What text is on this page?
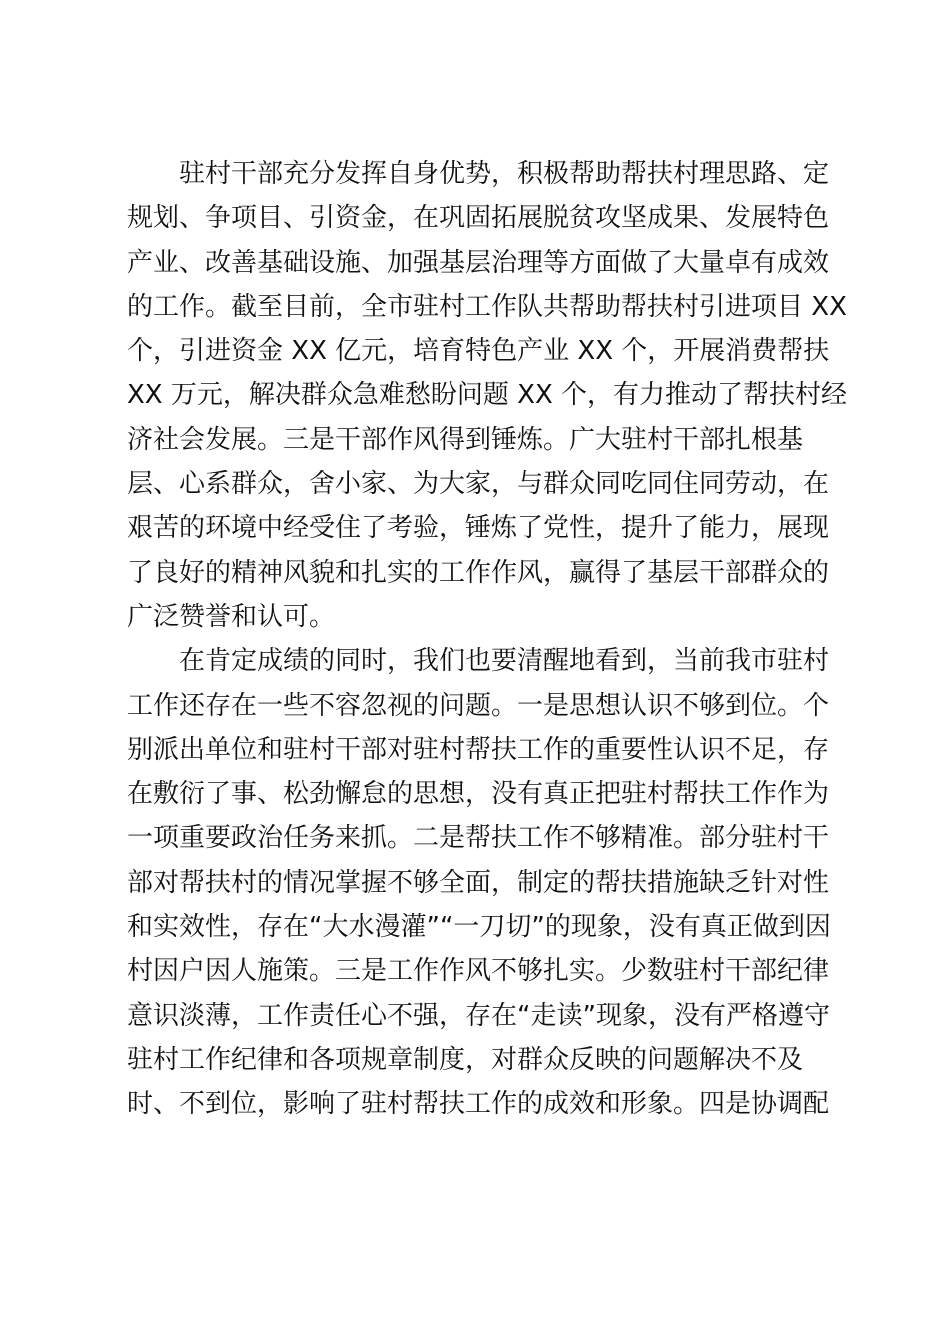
驻村干部充分发挥自身优势，积极帮助帮扶村理思路、定
规划、争项目、引资金，在巩固拓展脱贫攻坚成果、发展特色
产业、改善基础设施、加强基层治理等方面做了大量卓有成效
的工作。截至目前，全市驻村工作队共帮助帮扶村引进项目 XX
个，引进资金 XX 亿元，培育特色产业 XX 个，开展消费帮扶
XX 万元，解决群众急难愁盼问题 XX 个，有力推动了帮扶村经
济社会发展。三是干部作风得到锤炼。广大驻村干部扎根基
层、心系群众，舍小家、为大家，与群众同吃同住同劳动，在
艰苦的环境中经受住了考验，锤炼了党性，提升了能力，展现
了良好的精神风貌和扎实的工作作风，赢得了基层干部群众的
广泛赞誉和认可。
在肯定成绩的同时，我们也要清醒地看到，当前我市驻村
工作还存在一些不容忽视的问题。一是思想认识不够到位。个
别派出单位和驻村干部对驻村帮扶工作的重要性认识不足，存
在敷衍了事、松劲懈怠的思想，没有真正把驻村帮扶工作作为
一项重要政治任务来抓。二是帮扶工作不够精准。部分驻村干
部对帮扶村的情况掌握不够全面，制定的帮扶措施缺乏针对性
和实效性，存在“大水漫灌”“一刀切”的现象，没有真正做到因
村因户因人施策。三是工作作风不够扎实。少数驻村干部纪律
意识淡薄，工作责任心不强，存在“走读”现象，没有严格遵守
驻村工作纪律和各项规章制度，对群众反映的问题解决不及
时、不到位，影响了驻村帮扶工作的成效和形象。四是协调配
